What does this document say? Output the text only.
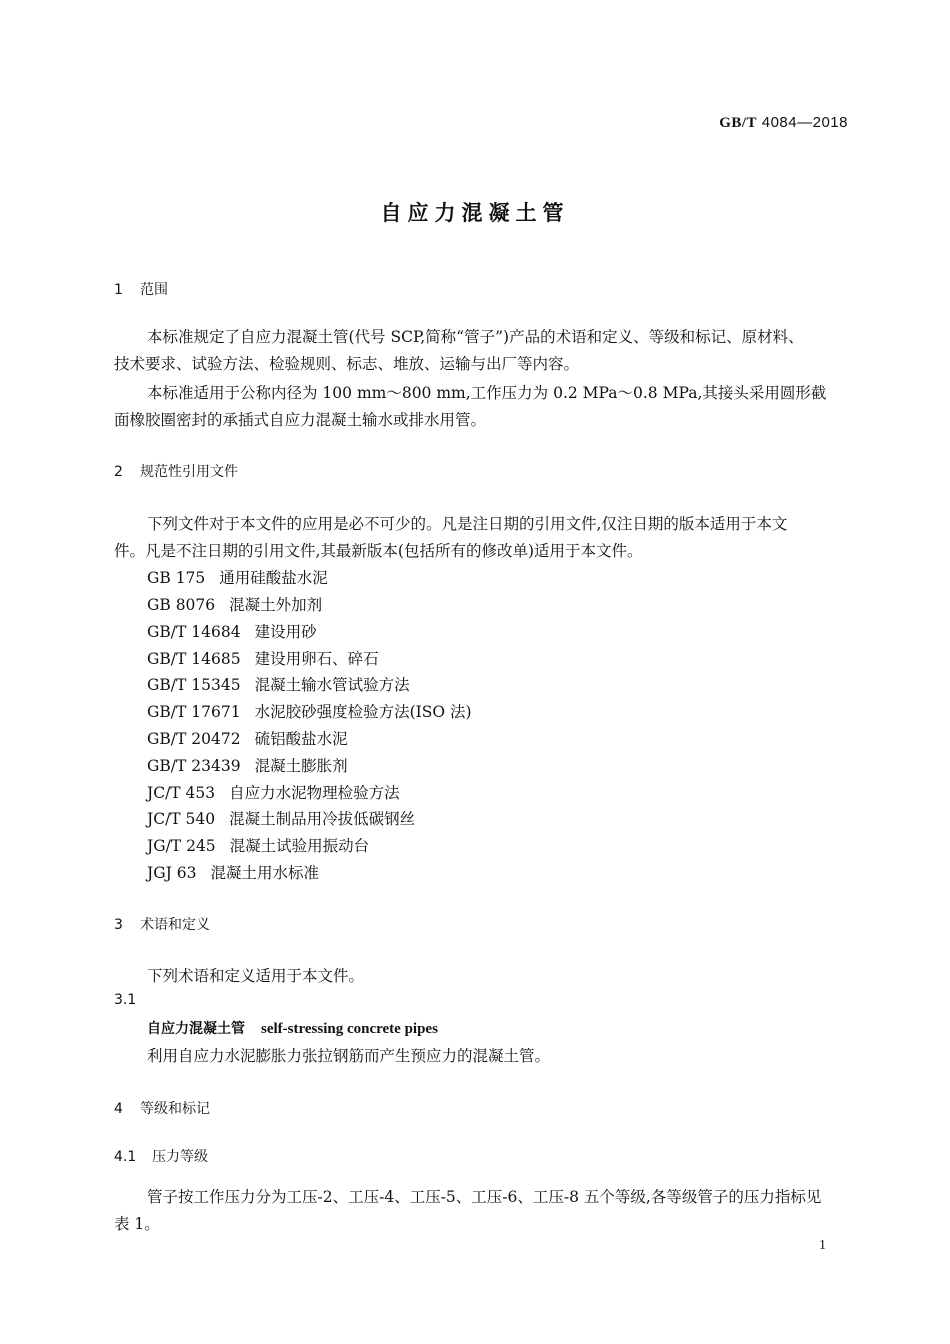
GB/T 4084—2018
自应力混凝土管
1 范围
本标准规定了自应力混凝土管(代号 SCP,简称“管子”)产品的术语和定义、等级和标记、原材料、
技术要求、试验方法、检验规则、标志、堆放、运输与出厂等内容。
本标准适用于公称内径为 100 mm～800 mm,工作压力为 0.2 MPa～0.8 MPa,其接头采用圆形截
面橡胶圈密封的承插式自应力混凝土输水或排水用管。
2 规范性引用文件
下列文件对于本文件的应用是必不可少的。凡是注日期的引用文件,仅注日期的版本适用于本文
件。凡是不注日期的引用文件,其最新版本(包括所有的修改单)适用于本文件。
GB 175 通用硅酸盐水泥
GB 8076 混凝土外加剂
GB/T 14684 建设用砂
GB/T 14685 建设用卵石、碎石
GB/T 15345 混凝土输水管试验方法
GB/T 17671 水泥胶砂强度检验方法(ISO 法)
GB/T 20472 硫铝酸盐水泥
GB/T 23439 混凝土膨胀剂
JC/T 453 自应力水泥物理检验方法
JC/T 540 混凝土制品用冷拔低碳钢丝
JG/T 245 混凝土试验用振动台
JGJ 63 混凝土用水标准
3 术语和定义
下列术语和定义适用于本文件。
3.1
自应力混凝土管 self-stressing concrete pipes
利用自应力水泥膨胀力张拉钢筋而产生预应力的混凝土管。
4 等级和标记
4.1 压力等级
管子按工作压力分为工压-2、工压-4、工压-5、工压-6、工压-8 五个等级,各等级管子的压力指标见
表 1。
1
